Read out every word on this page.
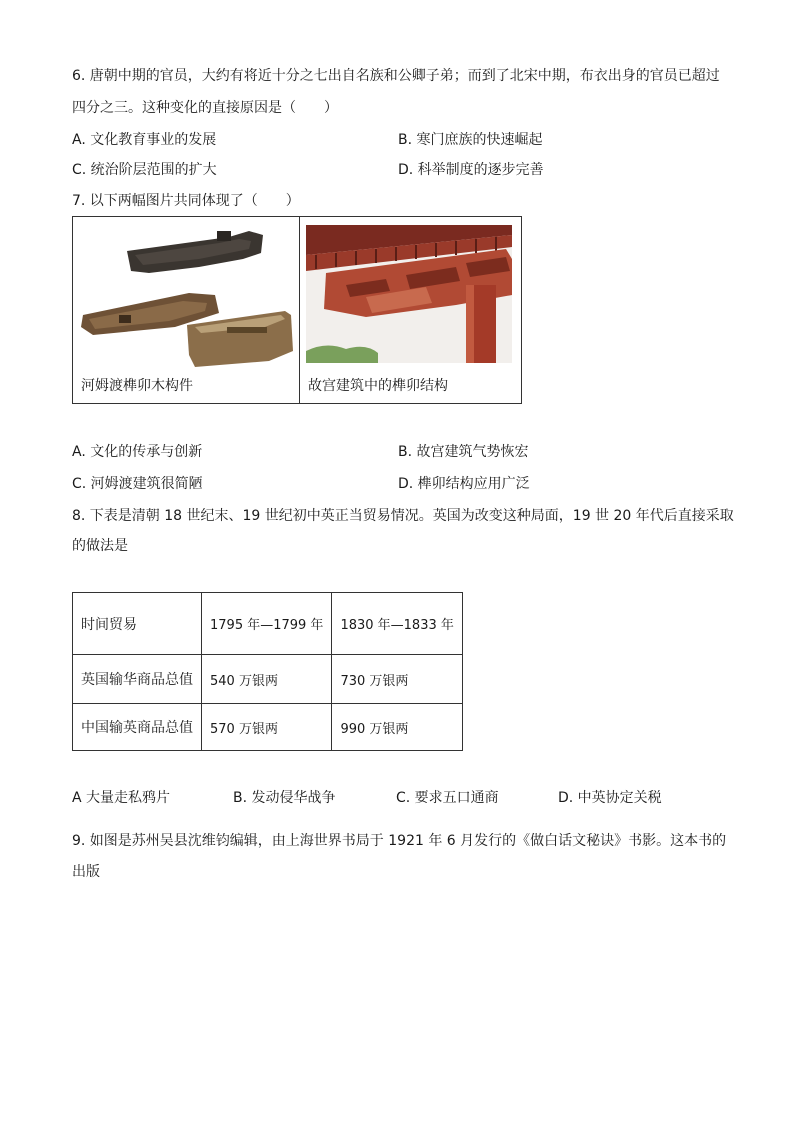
6. 唐朝中期的官员，大约有将近十分之七出自名族和公卿子弟；而到了北宋中期，布衣出身的官员已超过
四分之三。这种变化的直接原因是（　　）
A. 文化教育事业的发展	B. 寒门庶族的快速崛起
C. 统治阶层范围的扩大	D. 科举制度的逐步完善
7. 以下两幅图片共同体现了（　　）
河姆渡榫卯木构件	故宫建筑中的榫卯结构
A. 文化的传承与创新	B. 故宫建筑气势恢宏
C. 河姆渡建筑很简陋	D. 榫卯结构应用广泛
8. 下表是清朝 18 世纪末、19 世纪初中英正当贸易情况。英国为改变这种局面，19 世 20 年代后直接采取
的做法是
时间贸易	1795 年—1799 年	1830 年—1833 年
英国输华商品总值	540 万银两	730 万银两
中国输英商品总值	570 万银两	990 万银两
A 大量走私鸦片	B. 发动侵华战争	C. 要求五口通商	D. 中英协定关税
9. 如图是苏州吴县沈维钧编辑，由上海世界书局于 1921 年 6 月发行的《做白话文秘诀》书影。这本书的
出版
